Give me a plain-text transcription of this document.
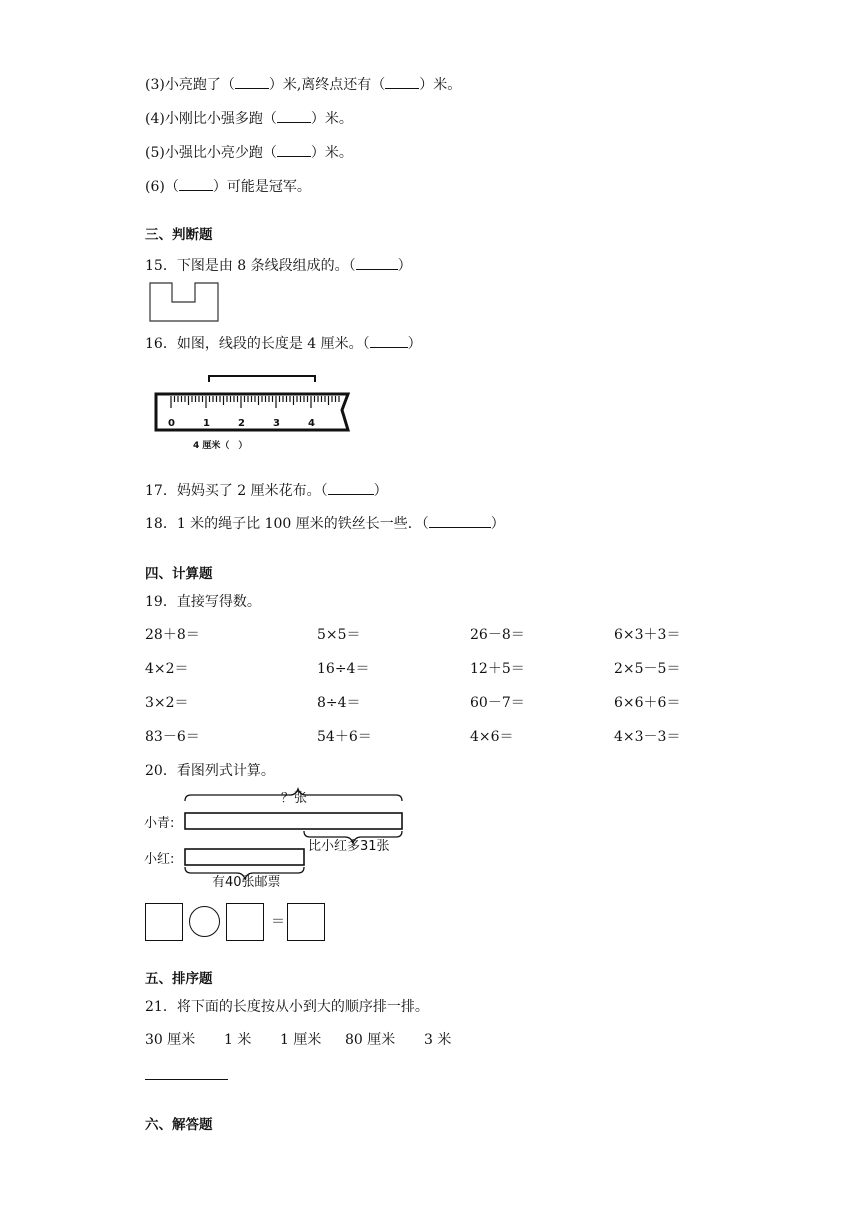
(3)小亮跑了（ ）米,离终点还有（ ）米。
(4)小刚比小强多跑（ ）米。
(5)小强比小亮少跑（ ）米。
(6)（ ）可能是冠军。
三、判断题
15．下图是由 8 条线段组成的。（	）
16．如图，线段的长度是 4 厘米。（	）
0	1	2	3	4
4 厘米（　）
17．妈妈买了 2 厘米花布。（	）
18．1 米的绳子比 100 厘米的铁丝长一些．（	）
四、计算题
19．直接写得数。
28＋8＝	5×5＝	26－8＝	6×3＋3＝
4×2＝	16÷4＝	12＋5＝	2×5－5＝
3×2＝	8÷4＝	60－7＝	6×6＋6＝
83－6＝	54＋6＝	4×6＝	4×3－3＝
20．看图列式计算。
？张
小青:
小红:
比小红多31张
有40张邮票
＝
五、排序题
21．将下面的长度按从小到大的顺序排一排。
30 厘米 1 米 1 厘米 80 厘米 3 米
六、解答题
